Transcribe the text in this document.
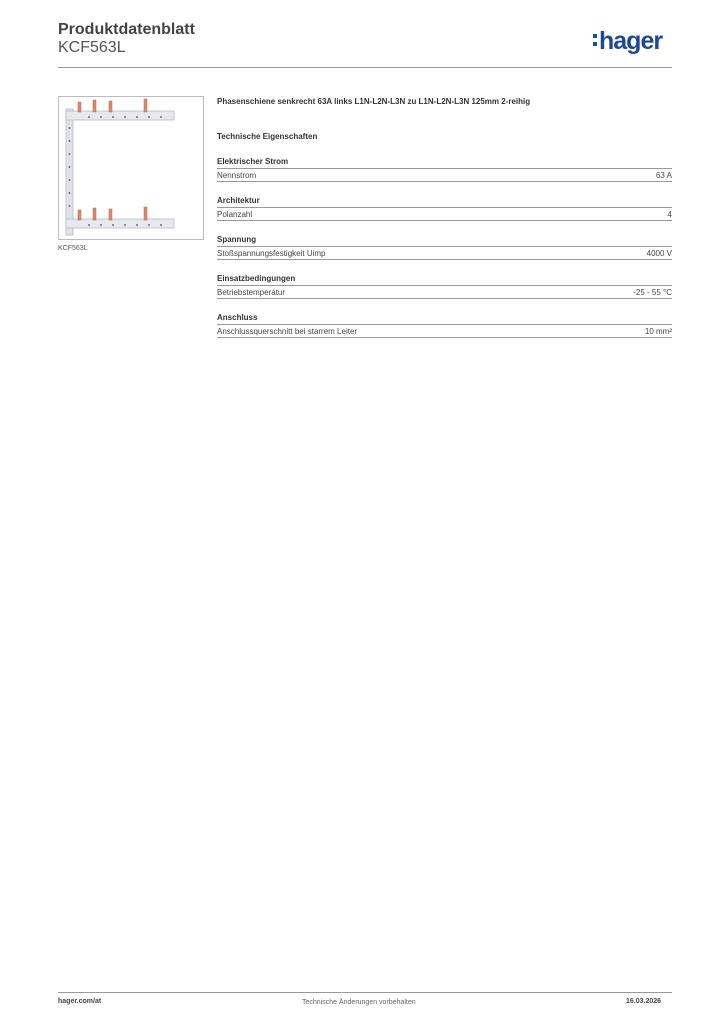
Produktdatenblatt
KCF563L	hager
KCF563L
Phasenschiene senkrecht 63A links L1N-L2N-L3N zu L1N-L2N-L3N 125mm 2-reihig
Technische Eigenschaften
Elektrischer Strom
Nennstrom	63 A
Architektur
Polanzahl	4
Spannung
Stoßspannungsfestigkeit Uimp	4000 V
Einsatzbedingungen
Betriebstemperatur	-25 - 55 °C
Anschluss
Anschlussquerschnitt bei starrem Leiter	10 mm²
hager.com/at	Technische Änderungen vorbehalten	16.03.2026
